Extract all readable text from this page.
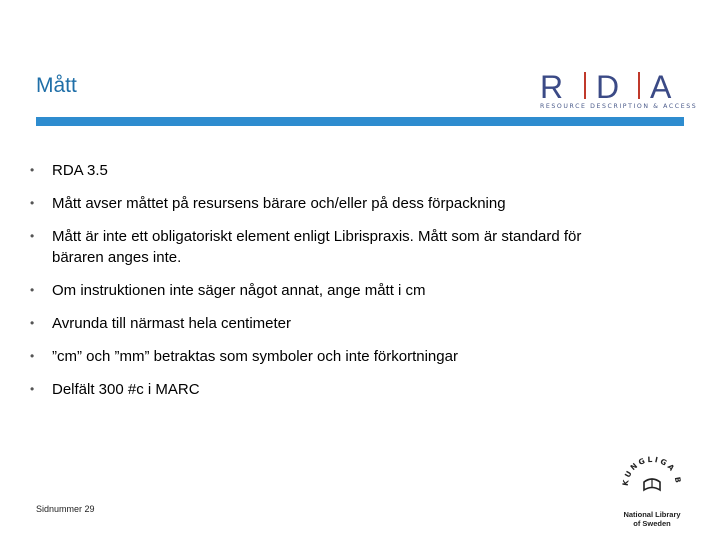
Mått	R D A
RESOURCE DESCRIPTION & ACCESS
• RDA 3.5
• Mått avser måttet på resursens bärare och/eller på dess förpackning
• Mått är inte ett obligatoriskt element enligt Librispraxis. Mått som är standard för bäraren anges inte.
• Om instruktionen inte säger något annat, ange mått i cm
• Avrunda till närmast hela centimeter
• ”cm” och ”mm” betraktas som symboler och inte förkortningar
• Delfält 300 #c i MARC
Sidnummer 29
KUNGLIGA B
National Library
of Sweden
